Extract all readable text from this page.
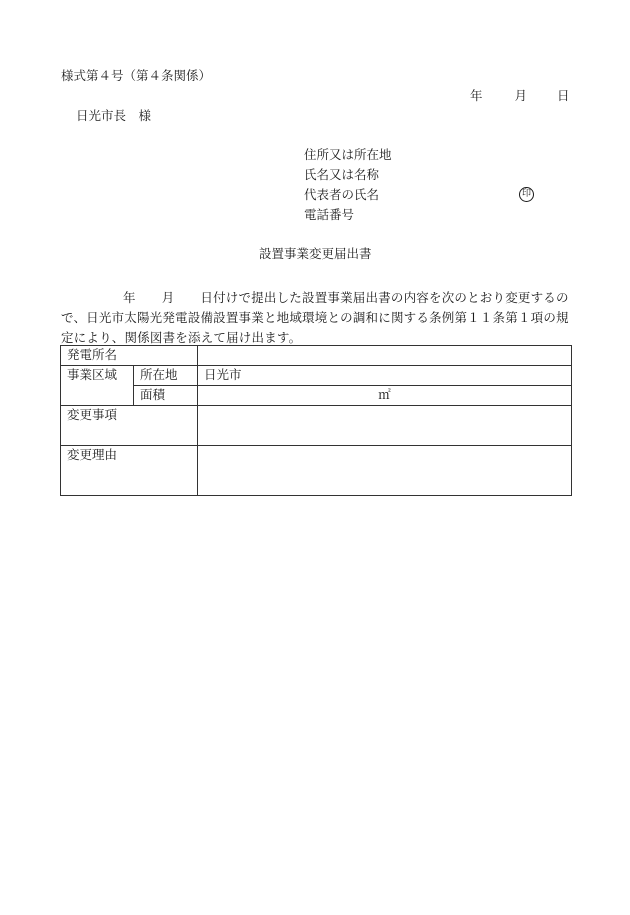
様式第４号（第４条関係）
年	月 日
日光市長　様
住所又は所在地
氏名又は名称
代表者の氏名	印
電話番号
設置事業変更届出書
年 月 日付けで提出した設置事業届出書の内容を次のとおり変更するので、日光市太陽光発電設備設置事業と地域環境との調和に関する条例第１１条第１項の規定により、関係図書を添えて届け出ます。
発電所名		
事業区域	所在地	日光市
	面積	㎡
変更事項		
変更理由		
